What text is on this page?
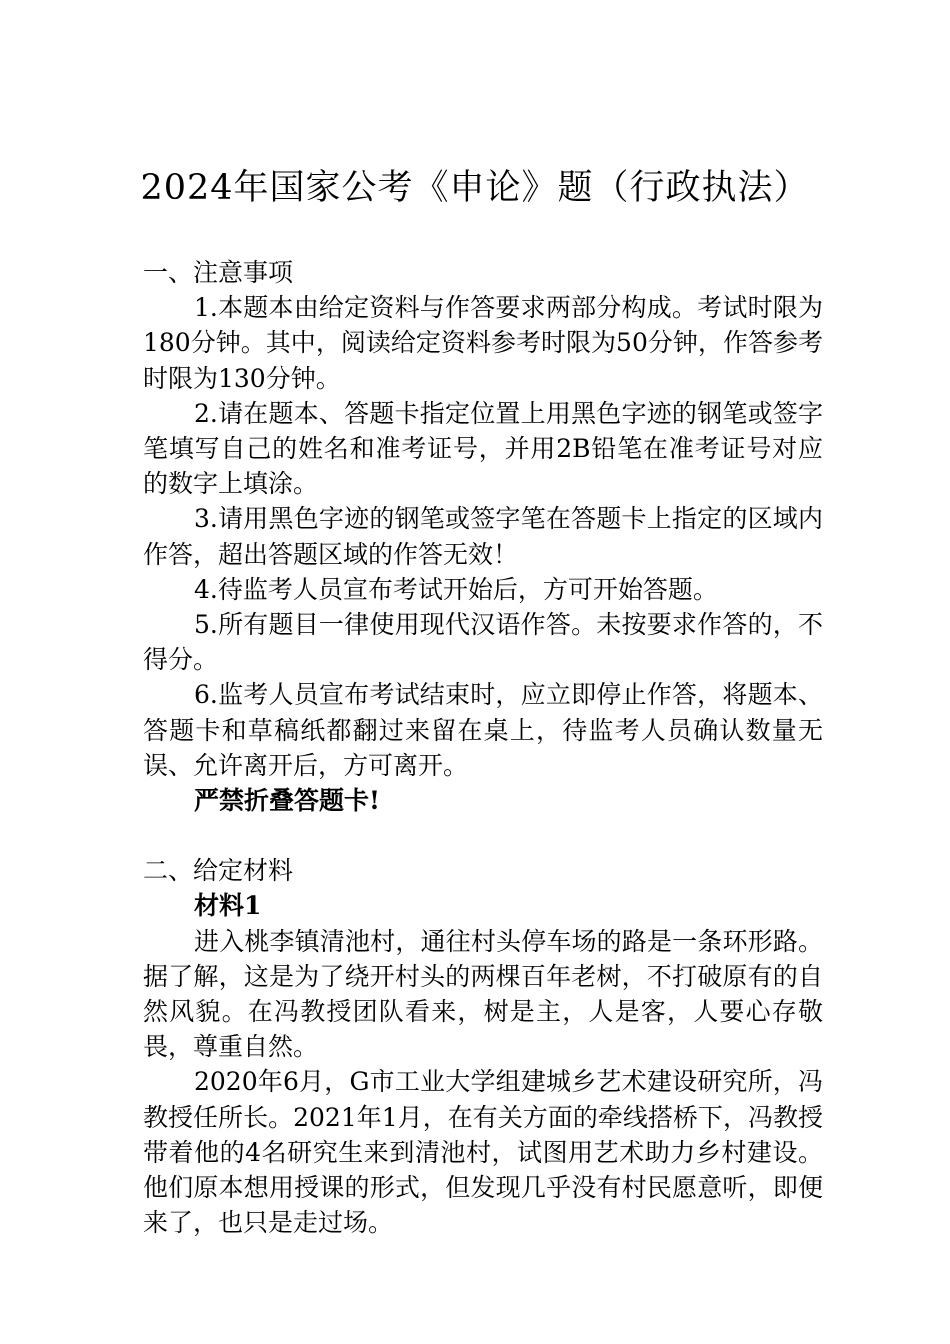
2024年国家公考《申论》题（行政执法）

一、注意事项

1.本题本由给定资料与作答要求两部分构成。考试时限为180分钟。其中，阅读给定资料参考时限为50分钟，作答参考时限为130分钟。

2.请在题本、答题卡指定位置上用黑色字迹的钢笔或签字笔填写自己的姓名和准考证号，并用2B铅笔在准考证号对应的数字上填涂。

3.请用黑色字迹的钢笔或签字笔在答题卡上指定的区域内作答，超出答题区域的作答无效！

4.待监考人员宣布考试开始后，方可开始答题。

5.所有题目一律使用现代汉语作答。未按要求作答的，不得分。

6.监考人员宣布考试结束时，应立即停止作答，将题本、答题卡和草稿纸都翻过来留在桌上，待监考人员确认数量无误、允许离开后，方可离开。

严禁折叠答题卡!

二、给定材料

材料1

进入桃李镇清池村，通往村头停车场的路是一条环形路。据了解，这是为了绕开村头的两棵百年老树，不打破原有的自然风貌。在冯教授团队看来，树是主，人是客，人要心存敬畏，尊重自然。

2020年6月，G市工业大学组建城乡艺术建设研究所，冯教授任所长。2021年1月，在有关方面的牵线搭桥下，冯教授带着他的4名研究生来到清池村，试图用艺术助力乡村建设。他们原本想用授课的形式，但发现几乎没有村民愿意听，即便来了，也只是走过场。
